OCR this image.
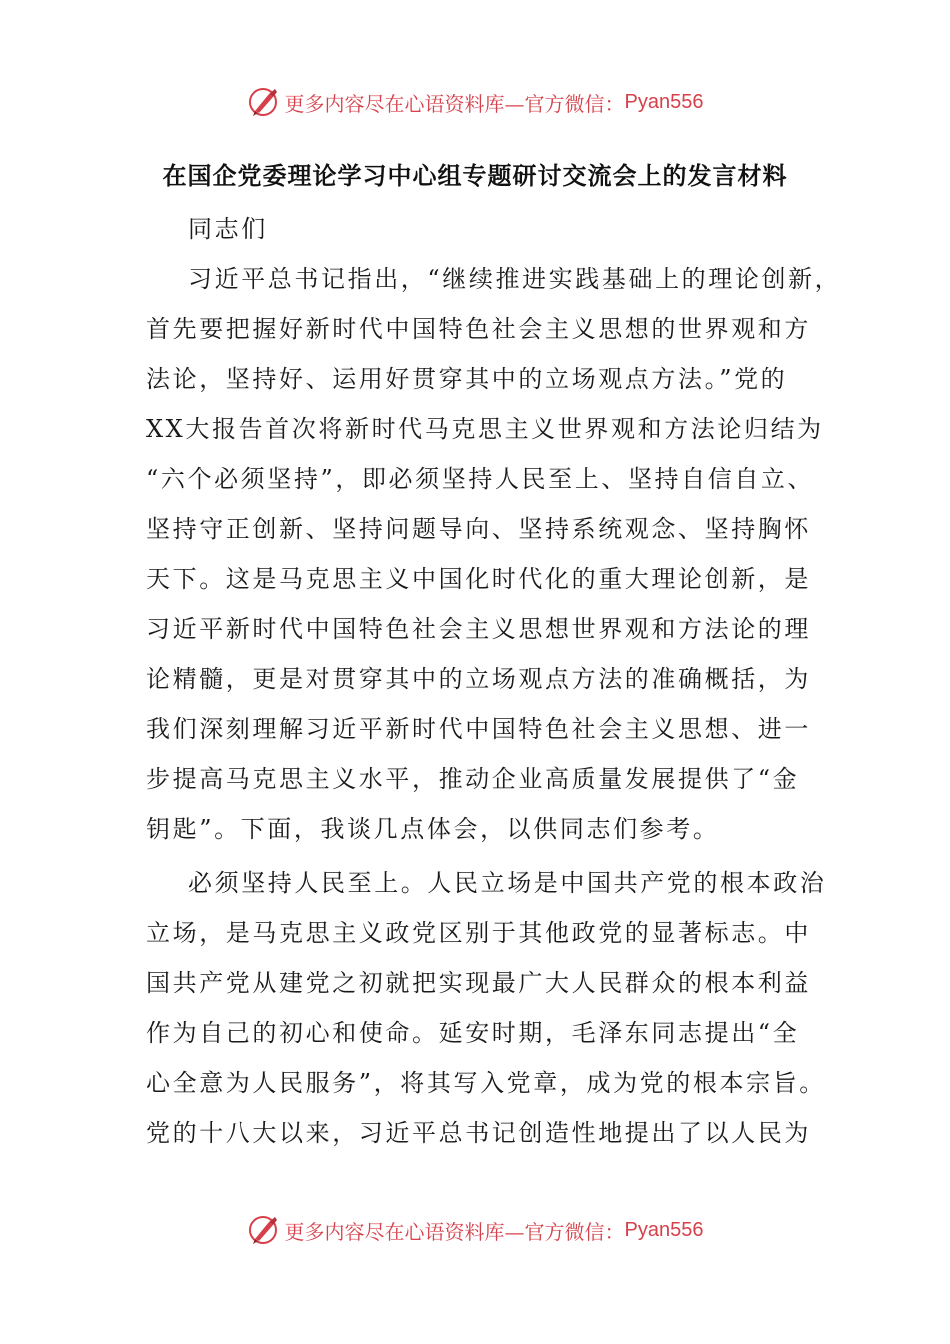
更多内容尽在心语资料库—官方微信： Pyan556
在国企党委理论学习中心组专题研讨交流会上的发言材料
同志们
习近平总书记指出，“继续推进实践基础上的理论创新，
首先要把握好新时代中国特色社会主义思想的世界观和方
法论，坚持好、运用好贯穿其中的立场观点方法。”党的
XX大报告首次将新时代马克思主义世界观和方法论归结为
“六个必须坚持”，即必须坚持人民至上、坚持自信自立、
坚持守正创新、坚持问题导向、坚持系统观念、坚持胸怀
天下。这是马克思主义中国化时代化的重大理论创新，是
习近平新时代中国特色社会主义思想世界观和方法论的理
论精髓，更是对贯穿其中的立场观点方法的准确概括，为
我们深刻理解习近平新时代中国特色社会主义思想、进一
步提高马克思主义水平，推动企业高质量发展提供了“金
钥匙”。下面，我谈几点体会，以供同志们参考。
必须坚持人民至上。人民立场是中国共产党的根本政治
立场，是马克思主义政党区别于其他政党的显著标志。中
国共产党从建党之初就把实现最广大人民群众的根本利益
作为自己的初心和使命。延安时期，毛泽东同志提出“全
心全意为人民服务”，将其写入党章，成为党的根本宗旨。
党的十八大以来，习近平总书记创造性地提出了以人民为
更多内容尽在心语资料库—官方微信： Pyan556
